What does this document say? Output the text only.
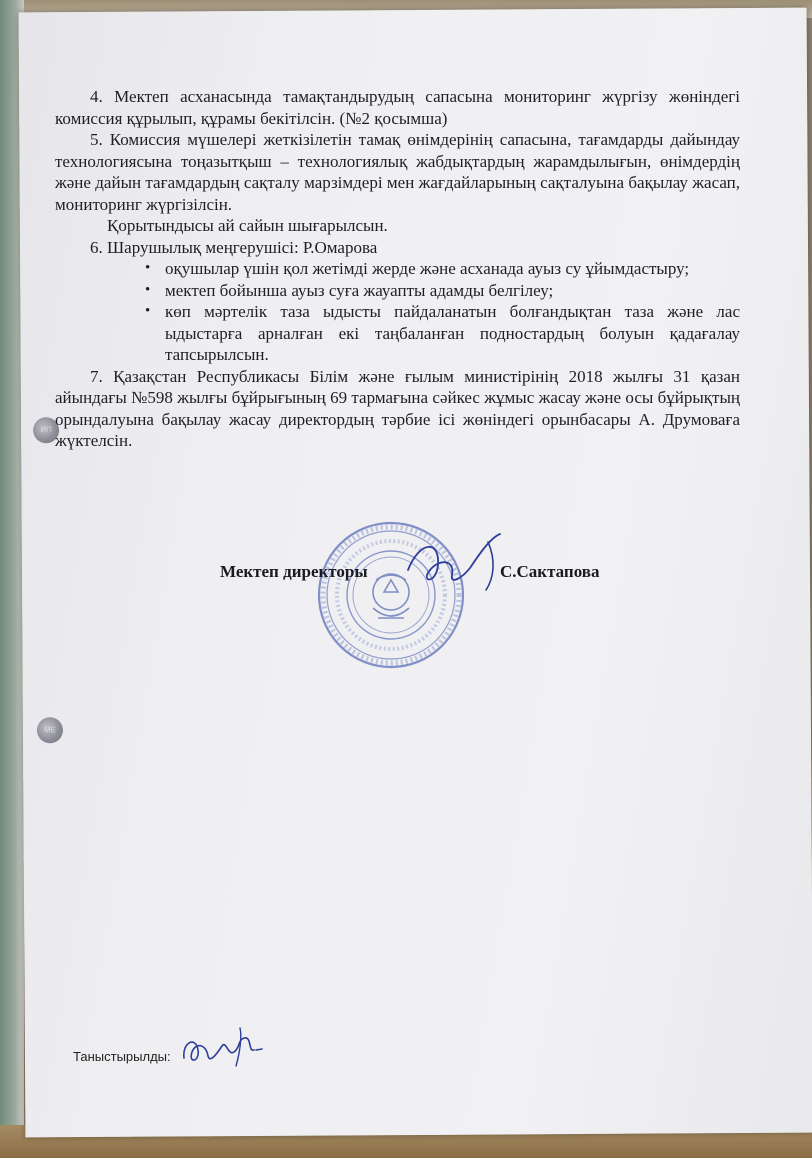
ИП
МЕ

4. Мектеп асханасында тамақтандырудың сапасына мониторинг жүргізу жөніндегі комиссия құрылып, құрамы бекітілсін. (№2 қосымша)

5. Комиссия мүшелері жеткізілетін тамақ өнімдерінің сапасына, тағамдарды дайындау технологиясына тоңазытқыш – технологиялық жабдықтардың жарамдылығын, өнімдердің және дайын тағамдардың сақталу марзімдері мен жағдайларының сақталуына бақылау жасап, мониторинг жүргізілсін.

Қорытындысы ай сайын шығарылсын.

6. Шарушылық меңгерушісі: Р.Омарова

• оқушылар үшін қол жетімді жерде және асханада ауыз су ұйымдастыру;
• мектеп бойынша ауыз суға жауапты адамды белгілеу;
• көп мәртелік таза ыдысты пайдаланатын болғандықтан таза және лас ыдыстарға арналған екі таңбаланған подностардың болуын қадағалау тапсырылсын.

7. Қазақстан Республикасы Білім және ғылым министірінің 2018 жылғы 31 қазан айындағы №598 жылғы бұйрығының 69 тармағына сәйкес жұмыс жасау және осы бұйрықтың орындалуына бақылау жасау директордың тәрбие ісі жөніндегі орынбасары А. Друмоваға жүктелсін.

Мектеп директоры	С.Сактапова
Таныстырылды:
